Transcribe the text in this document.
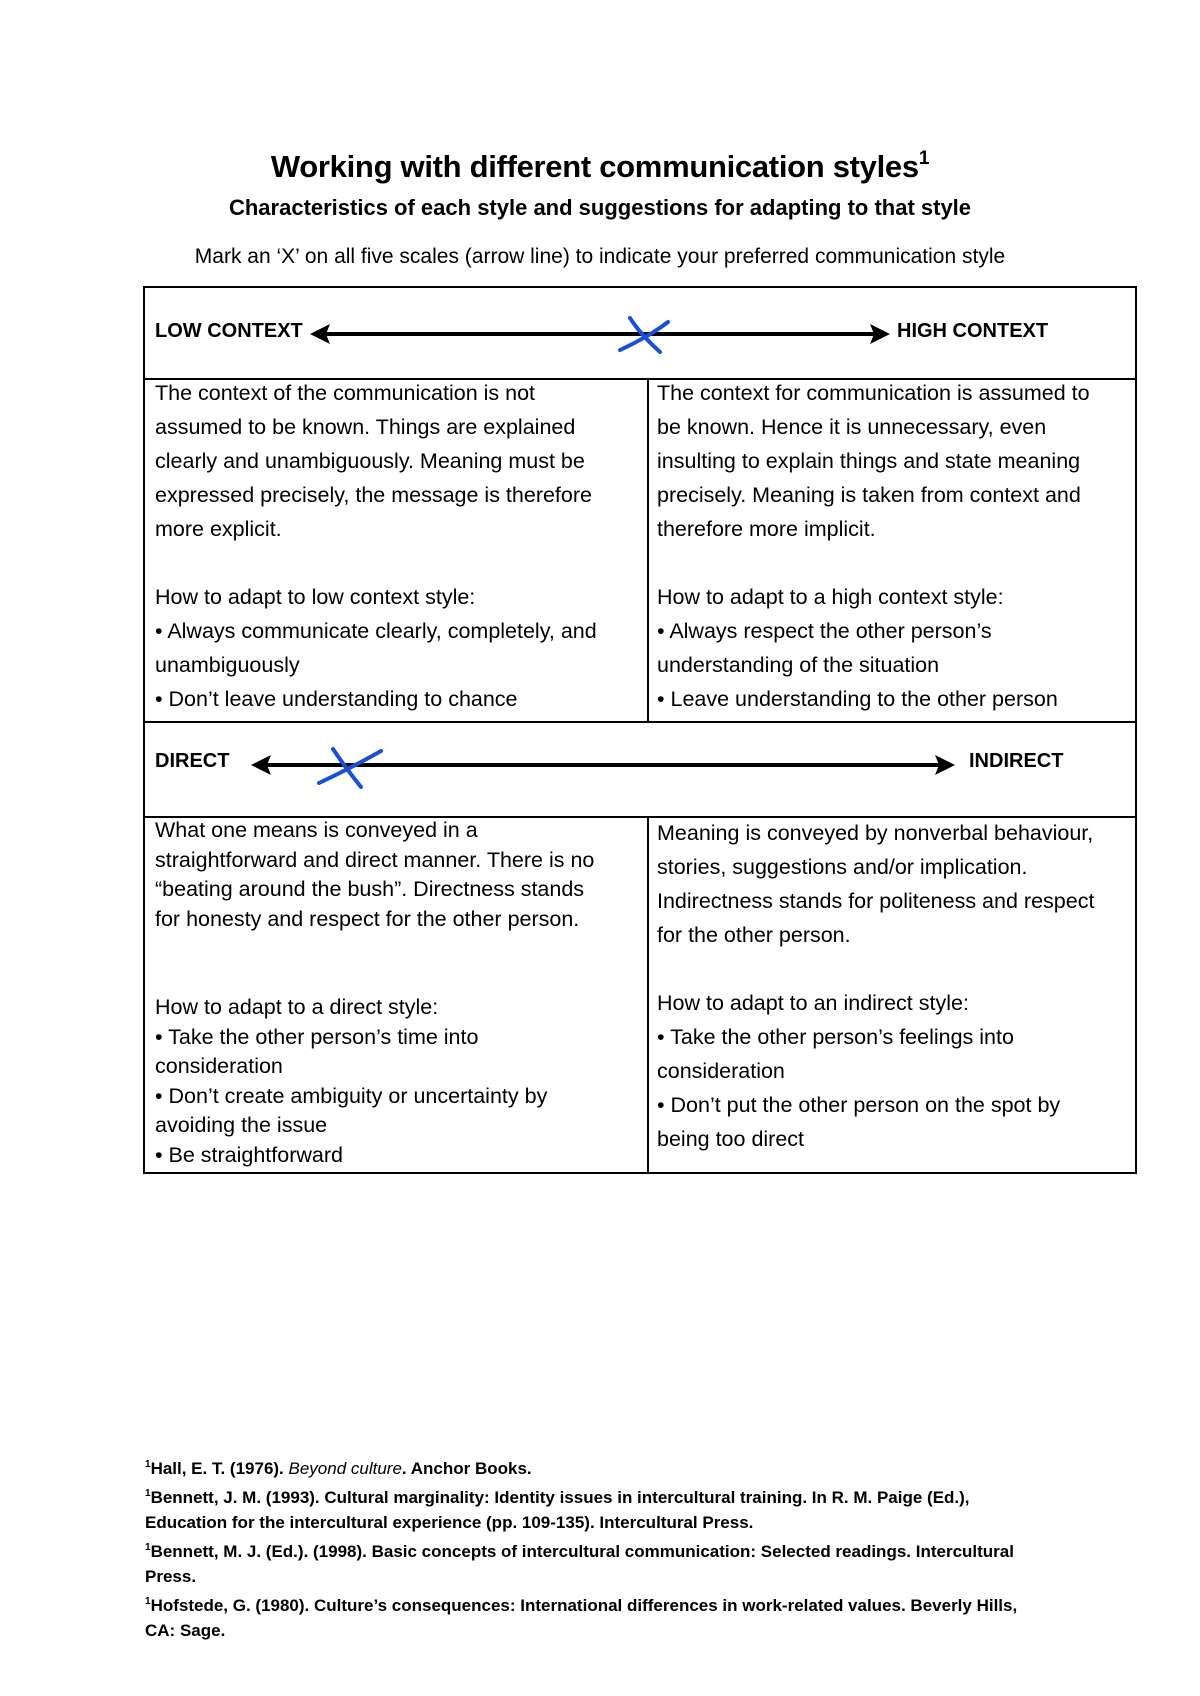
Working with different communication styles$^1$
Characteristics of each style and suggestions for adapting to that style
Mark an ‘X’ on all five scales (arrow line) to indicate your preferred communication style
LOW CONTEXT	HIGH CONTEXT

The context of the communication is not

assumed to be known. Things are explained

clearly and unambiguously. Meaning must be

expressed precisely, the message is therefore

more explicit.

How to adapt to low context style:

• Always communicate clearly, completely, and

unambiguously

• Don’t leave understanding to chance

The context for communication is assumed to

be known. Hence it is unnecessary, even

insulting to explain things and state meaning

precisely. Meaning is taken from context and

therefore more implicit.

How to adapt to a high context style:

• Always respect the other person’s

understanding of the situation

• Leave understanding to the other person

DIRECT	INDIRECT

What one means is conveyed in a

straightforward and direct manner. There is no

“beating around the bush”. Directness stands

for honesty and respect for the other person.

How to adapt to a direct style:

• Take the other person’s time into

consideration

• Don’t create ambiguity or uncertainty by

avoiding the issue

• Be straightforward

Meaning is conveyed by nonverbal behaviour,

stories, suggestions and/or implication.

Indirectness stands for politeness and respect

for the other person.

How to adapt to an indirect style:

• Take the other person’s feelings into

consideration

• Don’t put the other person on the spot by

being too direct

$^1$Hall, E. T. (1976). Beyond culture. Anchor Books.

$^1$Bennett, J. M. (1993). Cultural marginality: Identity issues in intercultural training. In R. M. Paige (Ed.),
Education for the intercultural experience (pp. 109-135). Intercultural Press.

$^1$Bennett, M. J. (Ed.). (1998). Basic concepts of intercultural communication: Selected readings. Intercultural
Press.

$^1$Hofstede, G. (1980). Culture’s consequences: International differences in work-related values. Beverly Hills,
CA: Sage.
